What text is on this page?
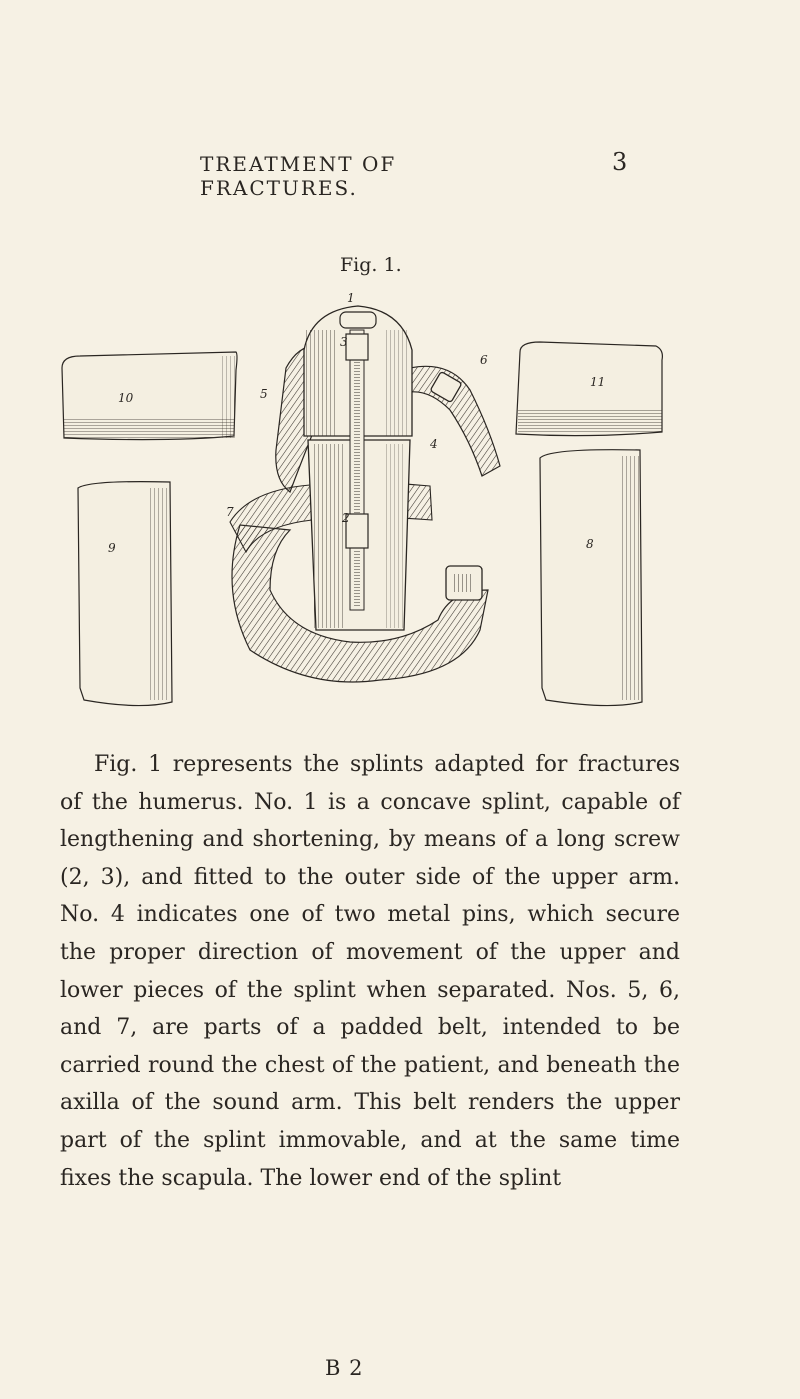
TREATMENT OF FRACTURES.
3
Fig. 1.
1
2
3
4
5
6
7
8
9
10
11
Fig. 1 represents the splints adapted for fractures of the humerus. No. 1 is a concave splint, capable of lengthening and shortening, by means of a long screw (2, 3), and fitted to the outer side of the upper arm. No. 4 indicates one of two metal pins, which secure the proper direction of movement of the upper and lower pieces of the splint when separated. Nos. 5, 6, and 7, are parts of a padded belt, intended to be carried round the chest of the patient, and beneath the axilla of the sound arm. This belt renders the upper part of the splint immovable, and at the same time fixes the scapula. The lower end of the splint
B 2
